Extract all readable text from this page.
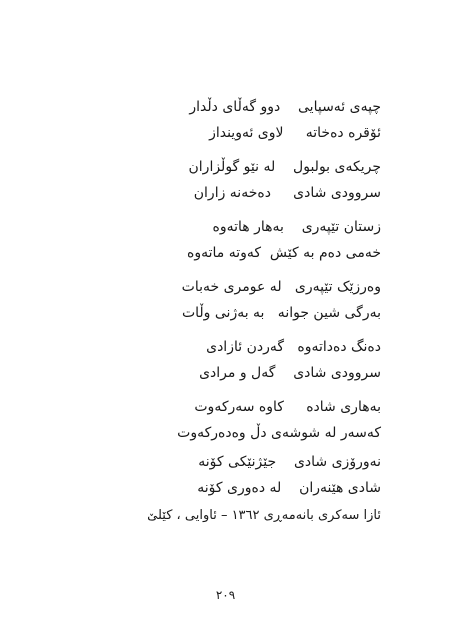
چپەی ئەسپایی    دوو گەڵای دڵدار
ئۆقرە دەخاتە     لاوی ئەوینداز
چریکەی بولبول    لە نێو گوڵزاران
سروودی شادی     دەخەنە زاران
زستان تێپەری    بەهار هاتەوە
خەمی دەم بە کێش  کەوتە ماتەوە
وەرزێک تێپەری   لە عومری خەبات
بەرگی شین جوانە   بە بەژنی وڵات
دەنگ دەداتەوە   گەردن ئازادی
سروودی شادی    گەل و مرادی
بەهاری شادە     کاوە سەرکەوت
کەسەر لە شوشەی دڵ وەدەرکەوت
نەورۆزی شادی    جێژنێکی کۆنە
شادی هێنەران    لە دەوری کۆنە
ئازا سەکری بانەمەڕی ١٣٦٢ – ئاوایی ، کێلێ
٢٠٩
